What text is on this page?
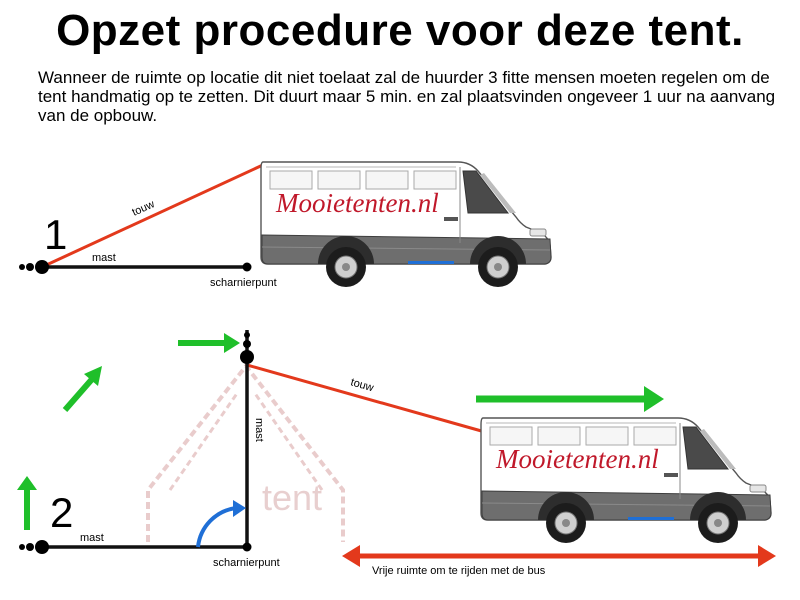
Opzet procedure voor deze tent.
Wanneer de ruimte op locatie dit niet toelaat zal de huurder 3 fitte mensen moeten regelen om de tent handmatig op te zetten. Dit duurt maar 5 min. en zal plaatsvinden ongeveer 1 uur na aanvang van de opbouw.
1
touw
mast
scharnierpunt
Mooietenten.nl
tent
2
touw
mast
mast
scharnierpunt
Vrije ruimte om te rijden met de bus
Mooietenten.nl
